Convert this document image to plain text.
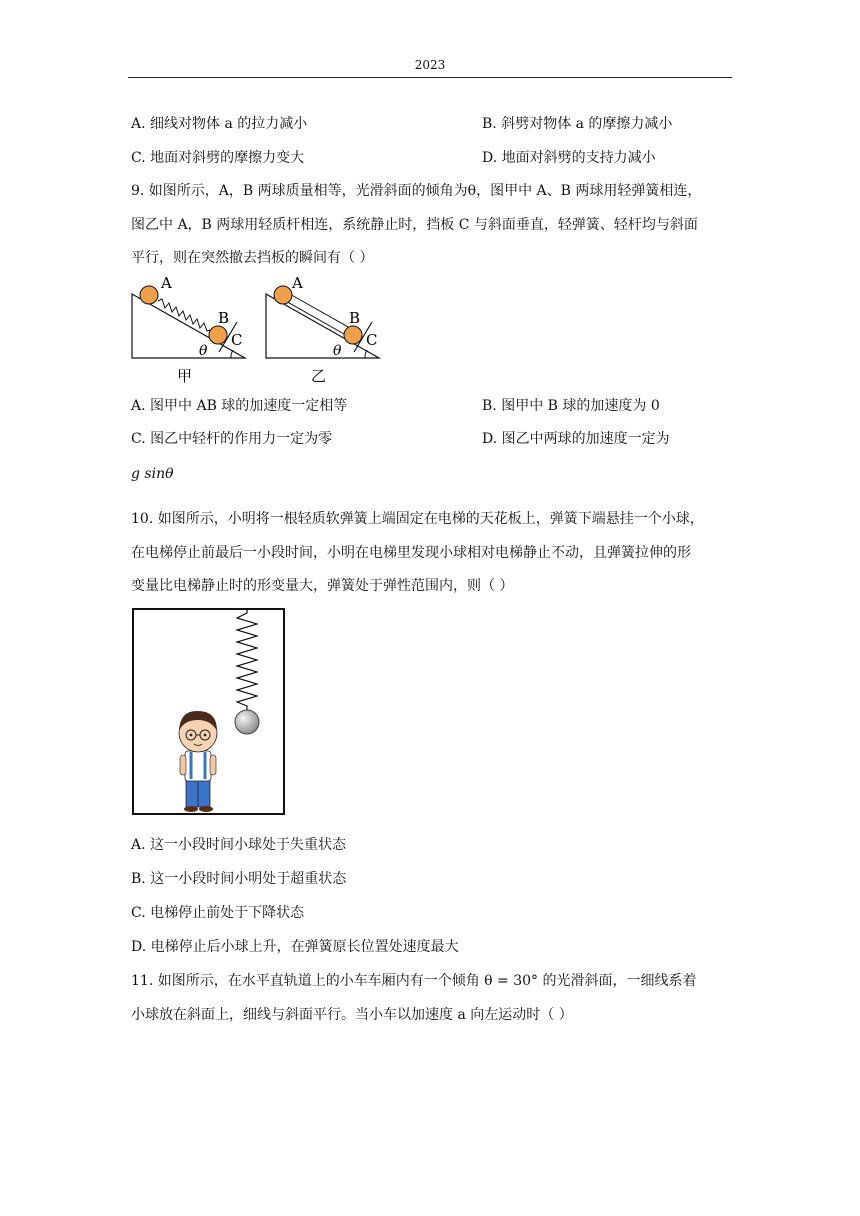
2023
A. 细线对物体 a 的拉力减小	B. 斜劈对物体 a 的摩擦力减小
C. 地面对斜劈的摩擦力变大	D. 地面对斜劈的支持力减小
9. 如图所示，A，B 两球质量相等，光滑斜面的倾角为θ，图甲中 A、B 两球用轻弹簧相连，
图乙中 A，B 两球用轻质杆相连，系统静止时，挡板 C 与斜面垂直，轻弹簧、轻杆均与斜面
平行，则在突然撤去挡板的瞬间有（ ）
A
B
C
θ
甲
A
B
C
θ
乙
A. 图甲中 AB 球的加速度一定相等	B. 图甲中 B 球的加速度为 0
C. 图乙中轻杆的作用力一定为零	D. 图乙中两球的加速度一定为
g sinθ
10. 如图所示，小明将一根轻质软弹簧上端固定在电梯的天花板上，弹簧下端悬挂一个小球，
在电梯停止前最后一小段时间，小明在电梯里发现小球相对电梯静止不动，且弹簧拉伸的形
变量比电梯静止时的形变量大，弹簧处于弹性范围内，则（ ）
A. 这一小段时间小球处于失重状态
B. 这一小段时间小明处于超重状态
C. 电梯停止前处于下降状态
D. 电梯停止后小球上升，在弹簧原长位置处速度最大
11. 如图所示，在水平直轨道上的小车车厢内有一个倾角 θ = 30° 的光滑斜面，一细线系着
小球放在斜面上，细线与斜面平行。当小车以加速度 a 向左运动时（ ）
